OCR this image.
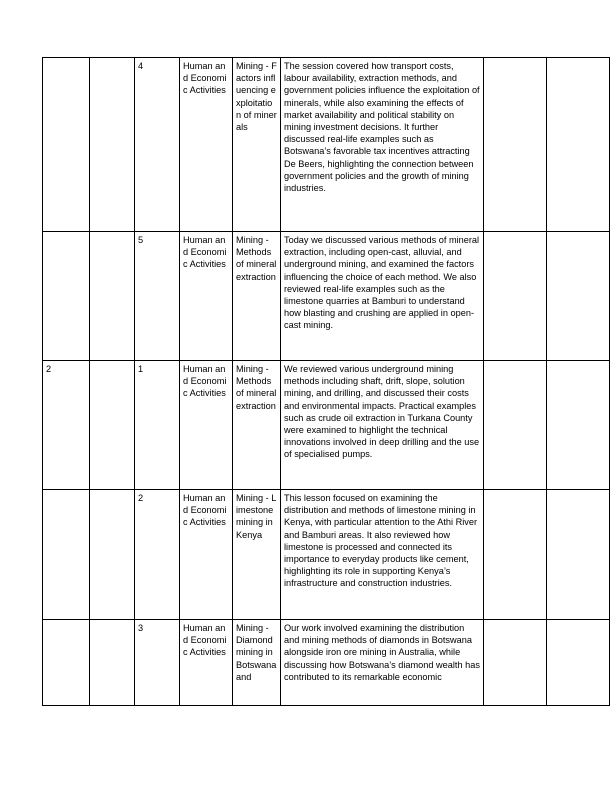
		4	Human and Economic Activities	Mining - Factors influencing exploitation of minerals	The session covered how transport costs, labour availability, extraction methods, and government policies influence the exploitation of minerals, while also examining the effects of market availability and political stability on mining investment decisions. It further discussed real-life examples such as Botswana’s favorable tax incentives attracting De Beers, highlighting the connection between government policies and the growth of mining industries.		
		5	Human and Economic Activities	Mining - Methods of mineral extraction	Today we discussed various methods of mineral extraction, including open-cast, alluvial, and underground mining, and examined the factors influencing the choice of each method. We also reviewed real-life examples such as the limestone quarries at Bamburi to understand how blasting and crushing are applied in open-cast mining.		
2		1	Human and Economic Activities	Mining - Methods of mineral extraction	We reviewed various underground mining methods including shaft, drift, slope, solution mining, and drilling, and discussed their costs and environmental impacts. Practical examples such as crude oil extraction in Turkana County were examined to highlight the technical innovations involved in deep drilling and the use of specialised pumps.		
		2	Human and Economic Activities	Mining - Limestone mining in Kenya	This lesson focused on examining the distribution and methods of limestone mining in Kenya, with particular attention to the Athi River and Bamburi areas. It also reviewed how limestone is processed and connected its importance to everyday products like cement, highlighting its role in supporting Kenya’s infrastructure and construction industries.		
		3	Human and Economic Activities	Mining - Diamond mining in Botswana and	Our work involved examining the distribution and mining methods of diamonds in Botswana alongside iron ore mining in Australia, while discussing how Botswana’s diamond wealth has contributed to its remarkable economic		
